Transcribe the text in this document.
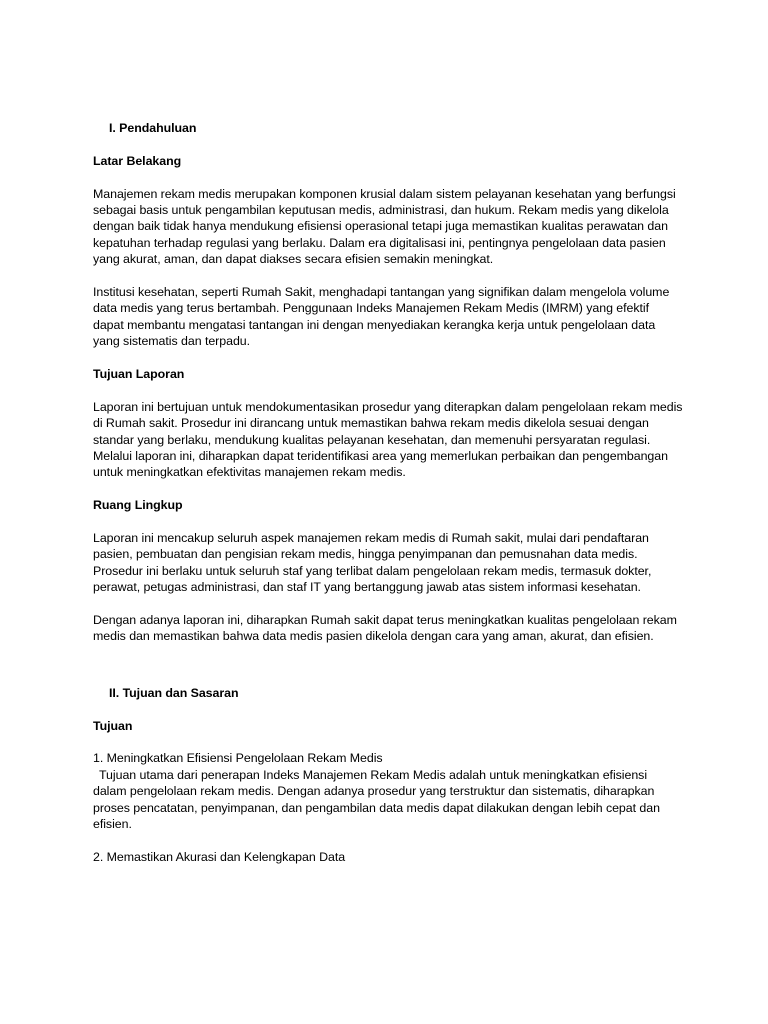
I. Pendahuluan

Latar Belakang

Manajemen rekam medis merupakan komponen krusial dalam sistem pelayanan kesehatan yang berfungsi sebagai basis untuk pengambilan keputusan medis, administrasi, dan hukum. Rekam medis yang dikelola dengan baik tidak hanya mendukung efisiensi operasional tetapi juga memastikan kualitas perawatan dan kepatuhan terhadap regulasi yang berlaku. Dalam era digitalisasi ini, pentingnya pengelolaan data pasien yang akurat, aman, dan dapat diakses secara efisien semakin meningkat.

Institusi kesehatan, seperti Rumah Sakit, menghadapi tantangan yang signifikan dalam mengelola volume data medis yang terus bertambah. Penggunaan Indeks Manajemen Rekam Medis (IMRM) yang efektif dapat membantu mengatasi tantangan ini dengan menyediakan kerangka kerja untuk pengelolaan data yang sistematis dan terpadu.

Tujuan Laporan

Laporan ini bertujuan untuk mendokumentasikan prosedur yang diterapkan dalam pengelolaan rekam medis di Rumah sakit. Prosedur ini dirancang untuk memastikan bahwa rekam medis dikelola sesuai dengan standar yang berlaku, mendukung kualitas pelayanan kesehatan, dan memenuhi persyaratan regulasi. Melalui laporan ini, diharapkan dapat teridentifikasi area yang memerlukan perbaikan dan pengembangan untuk meningkatkan efektivitas manajemen rekam medis.

Ruang Lingkup

Laporan ini mencakup seluruh aspek manajemen rekam medis di Rumah sakit, mulai dari pendaftaran pasien, pembuatan dan pengisian rekam medis, hingga penyimpanan dan pemusnahan data medis. Prosedur ini berlaku untuk seluruh staf yang terlibat dalam pengelolaan rekam medis, termasuk dokter, perawat, petugas administrasi, dan staf IT yang bertanggung jawab atas sistem informasi kesehatan.

Dengan adanya laporan ini, diharapkan Rumah sakit dapat terus meningkatkan kualitas pengelolaan rekam medis dan memastikan bahwa data medis pasien dikelola dengan cara yang aman, akurat, dan efisien.

II. Tujuan dan Sasaran

Tujuan

1. Meningkatkan Efisiensi Pengelolaan Rekam Medis

Tujuan utama dari penerapan Indeks Manajemen Rekam Medis adalah untuk meningkatkan efisiensi dalam pengelolaan rekam medis. Dengan adanya prosedur yang terstruktur dan sistematis, diharapkan proses pencatatan, penyimpanan, dan pengambilan data medis dapat dilakukan dengan lebih cepat dan efisien.

2. Memastikan Akurasi dan Kelengkapan Data
